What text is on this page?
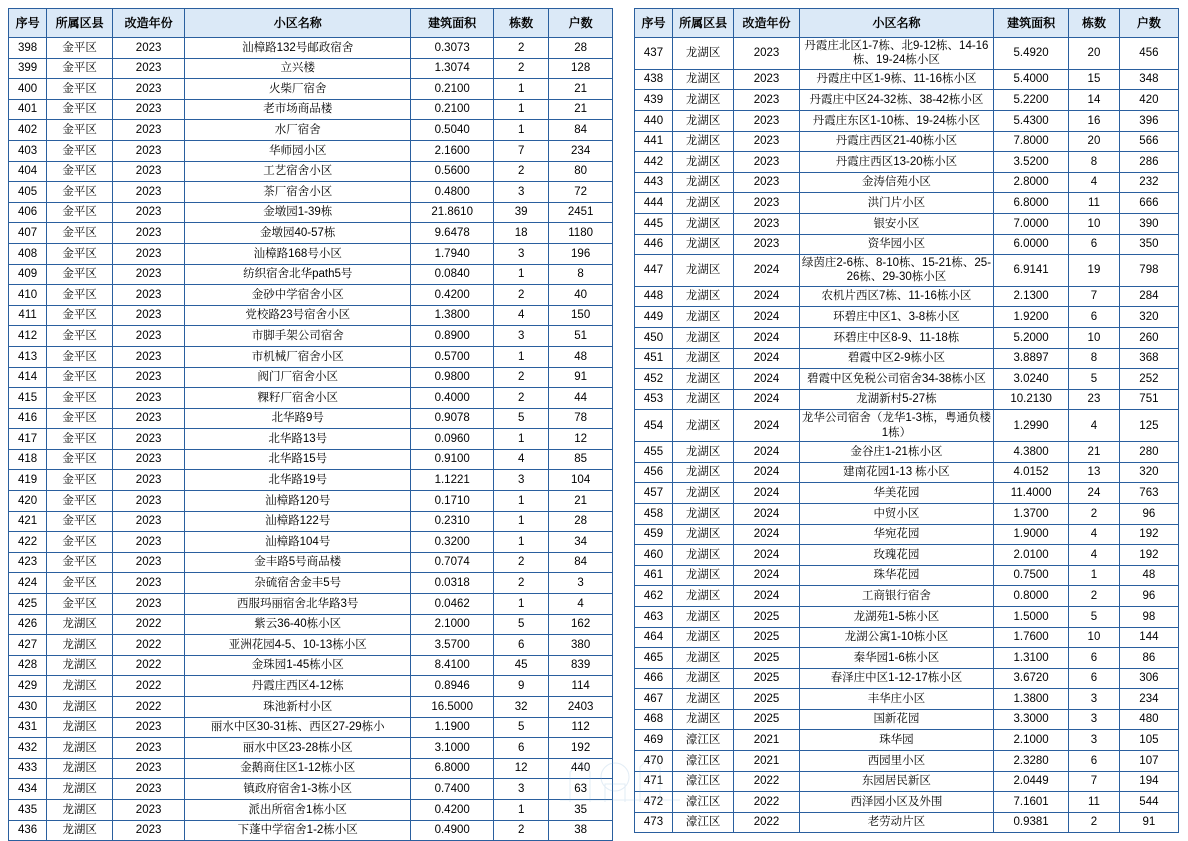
序号	所属区县	改造年份	小区名称	建筑面积	栋数	户数
398	金平区	2023	汕樟路132号邮政宿舍	0.3073	2	28
399	金平区	2023	立兴楼	1.3074	2	128
400	金平区	2023	火柴厂宿舍	0.2100	1	21
401	金平区	2023	老市场商品楼	0.2100	1	21
402	金平区	2023	水厂宿舍	0.5040	1	84
403	金平区	2023	华师园小区	2.1600	7	234
404	金平区	2023	工艺宿舍小区	0.5600	2	80
405	金平区	2023	茶厂宿舍小区	0.4800	3	72
406	金平区	2023	金墩园1-39栋	21.8610	39	2451
407	金平区	2023	金墩园40-57栋	9.6478	18	1180
408	金平区	2023	汕樟路168号小区	1.7940	3	196
409	金平区	2023	纺织宿舍北华path5号	0.0840	1	8
410	金平区	2023	金砂中学宿舍小区	0.4200	2	40
411	金平区	2023	党校路23号宿舍小区	1.3800	4	150
412	金平区	2023	市脚手架公司宿舍	0.8900	3	51
413	金平区	2023	市机械厂宿舍小区	0.5700	1	48
414	金平区	2023	阀门厂宿舍小区	0.9800	2	91
415	金平区	2023	粿籽厂宿舍小区	0.4000	2	44
416	金平区	2023	北华路9号	0.9078	5	78
417	金平区	2023	北华路13号	0.0960	1	12
418	金平区	2023	北华路15号	0.9100	4	85
419	金平区	2023	北华路19号	1.1221	3	104
420	金平区	2023	汕樟路120号	0.1710	1	21
421	金平区	2023	汕樟路122号	0.2310	1	28
422	金平区	2023	汕樟路104号	0.3200	1	34
423	金平区	2023	金丰路5号商品楼	0.7074	2	84
424	金平区	2023	杂硫宿舍金丰5号	0.0318	2	3
425	金平区	2023	西服玛丽宿舍北华路3号	0.0462	1	4
426	龙湖区	2022	紫云36-40栋小区	2.1000	5	162
427	龙湖区	2022	亚洲花园4-5、10-13栋小区	3.5700	6	380
428	龙湖区	2022	金珠园1-45栋小区	8.4100	45	839
429	龙湖区	2022	丹霞庄西区4-12栋	0.8946	9	114
430	龙湖区	2022	珠池新村小区	16.5000	32	2403
431	龙湖区	2023	丽水中区30-31栋、西区27-29栋小	1.1900	5	112
432	龙湖区	2023	丽水中区23-28栋小区	3.1000	6	192
433	龙湖区	2023	金鹅商住区1-12栋小区	6.8000	12	440
434	龙湖区	2023	镇政府宿舍1-3栋小区	0.7400	3	63
435	龙湖区	2023	派出所宿舍1栋小区	0.4200	1	35
436	龙湖区	2023	下蓬中学宿舍1-2栋小区	0.4900	2	38
序号	所属区县	改造年份	小区名称	建筑面积	栋数	户数
437	龙湖区	2023	丹霞庄北区1-7栋、北9-12栋、14-16栋、19-24栋小区	5.4920	20	456
438	龙湖区	2023	丹霞庄中区1-9栋、11-16栋小区	5.4000	15	348
439	龙湖区	2023	丹霞庄中区24-32栋、38-42栋小区	5.2200	14	420
440	龙湖区	2023	丹霞庄东区1-10栋、19-24栋小区	5.4300	16	396
441	龙湖区	2023	丹霞庄西区21-40栋小区	7.8000	20	566
442	龙湖区	2023	丹霞庄西区13-20栋小区	3.5200	8	286
443	龙湖区	2023	金涛信苑小区	2.8000	4	232
444	龙湖区	2023	洪门片小区	6.8000	11	666
445	龙湖区	2023	银安小区	7.0000	10	390
446	龙湖区	2023	资华园小区	6.0000	6	350
447	龙湖区	2024	绿茵庄2-6栋、8-10栋、15-21栋、25-26栋、29-30栋小区	6.9141	19	798
448	龙湖区	2024	农机片西区7栋、11-16栋小区	2.1300	7	284
449	龙湖区	2024	环碧庄中区1、3-8栋小区	1.9200	6	320
450	龙湖区	2024	环碧庄中区8-9、11-18栋	5.2000	10	260
451	龙湖区	2024	碧霞中区2-9栋小区	3.8897	8	368
452	龙湖区	2024	碧霞中区免税公司宿舍34-38栋小区	3.0240	5	252
453	龙湖区	2024	龙湖新村5-27栋	10.2130	23	751
454	龙湖区	2024	龙华公司宿舍（龙华1-3栋，粤通负楼1栋）	1.2990	4	125
455	龙湖区	2024	金谷庄1-21栋小区	4.3800	21	280
456	龙湖区	2024	建南花园1-13 栋小区	4.0152	13	320
457	龙湖区	2024	华美花园	11.4000	24	763
458	龙湖区	2024	中贸小区	1.3700	2	96
459	龙湖区	2024	华宛花园	1.9000	4	192
460	龙湖区	2024	玫瑰花园	2.0100	4	192
461	龙湖区	2024	珠华花园	0.7500	1	48
462	龙湖区	2024	工商银行宿舍	0.8000	2	96
463	龙湖区	2025	龙湖苑1-5栋小区	1.5000	5	98
464	龙湖区	2025	龙湖公寓1-10栋小区	1.7600	10	144
465	龙湖区	2025	秦华园1-6栋小区	1.3100	6	86
466	龙湖区	2025	春泽庄中区1-12-17栋小区	3.6720	6	306
467	龙湖区	2025	丰华庄小区	1.3800	3	234
468	龙湖区	2025	国新花园	3.3000	3	480
469	濠江区	2021	珠华园	2.1000	3	105
470	濠江区	2021	西园里小区	2.3280	6	107
471	濠江区	2022	东园居民新区	2.0449	7	194
472	濠江区	2022	西泽园小区及外围	7.1601	11	544
473	濠江区	2022	老劳动片区	0.9381	2	91
